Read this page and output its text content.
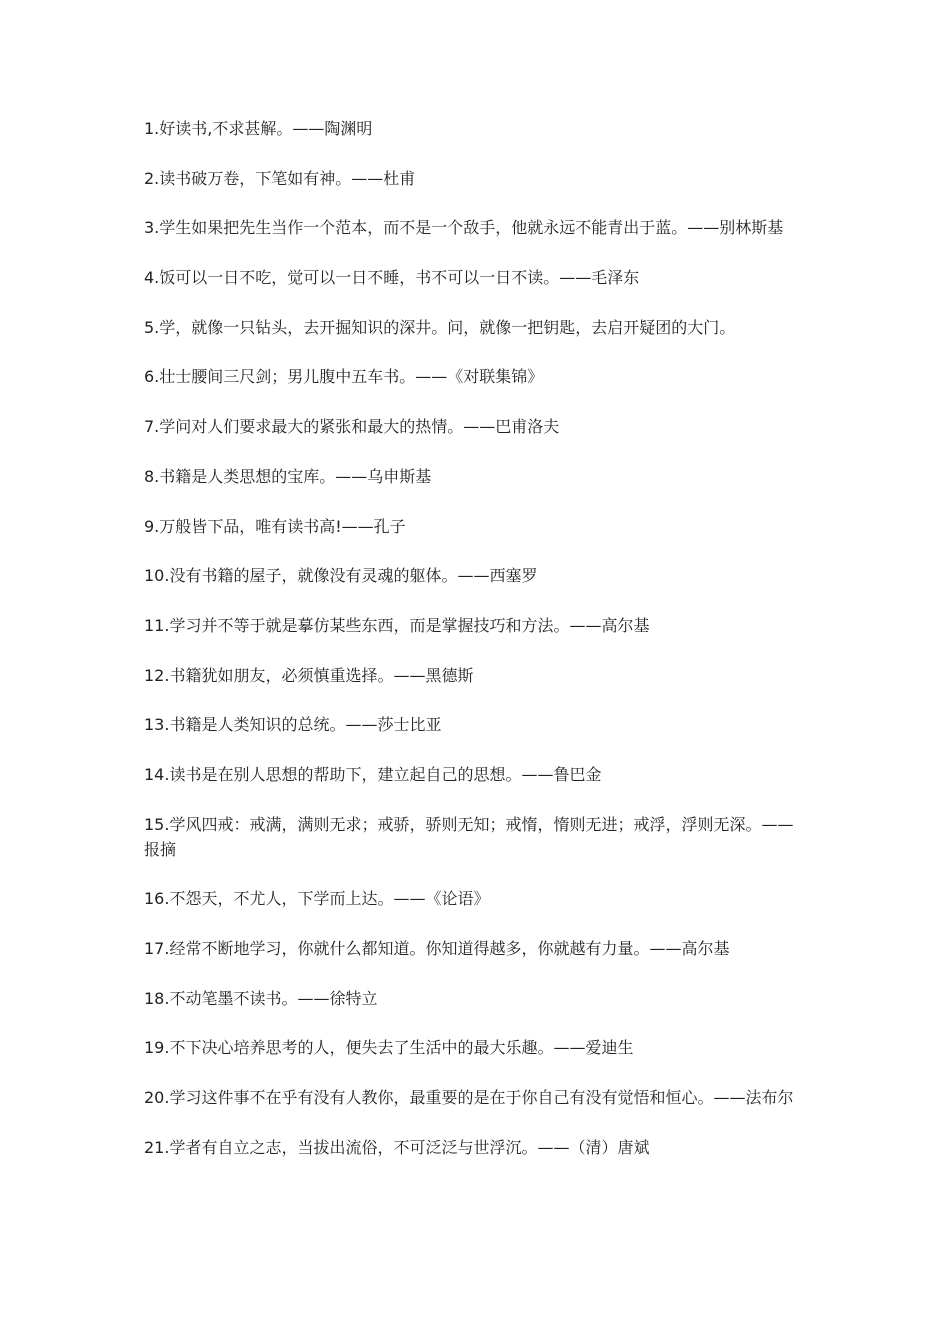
1.好读书,不求甚解。——陶渊明
2.读书破万卷，下笔如有神。——杜甫
3.学生如果把先生当作一个范本，而不是一个敌手，他就永远不能青出于蓝。——别林斯基
4.饭可以一日不吃，觉可以一日不睡，书不可以一日不读。——毛泽东
5.学，就像一只钻头，去开掘知识的深井。问，就像一把钥匙，去启开疑团的大门。
6.壮士腰间三尺剑；男儿腹中五车书。——《对联集锦》
7.学问对人们要求最大的紧张和最大的热情。——巴甫洛夫
8.书籍是人类思想的宝库。——乌申斯基
9.万般皆下品，唯有读书高!——孔子
10.没有书籍的屋子，就像没有灵魂的躯体。——西塞罗
11.学习并不等于就是摹仿某些东西，而是掌握技巧和方法。——高尔基
12.书籍犹如朋友，必须慎重选择。——黑德斯
13.书籍是人类知识的总统。——莎士比亚
14.读书是在别人思想的帮助下，建立起自己的思想。——鲁巴金
15.学风四戒：戒满，满则无求；戒骄，骄则无知；戒惰，惰则无进；戒浮，浮则无深。——报摘
16.不怨天，不尤人，下学而上达。——《论语》
17.经常不断地学习，你就什么都知道。你知道得越多，你就越有力量。——高尔基
18.不动笔墨不读书。——徐特立
19.不下决心培养思考的人，便失去了生活中的最大乐趣。——爱迪生
20.学习这件事不在乎有没有人教你，最重要的是在于你自己有没有觉悟和恒心。——法布尔
21.学者有自立之志，当拔出流俗，不可泛泛与世浮沉。——（清）唐斌
